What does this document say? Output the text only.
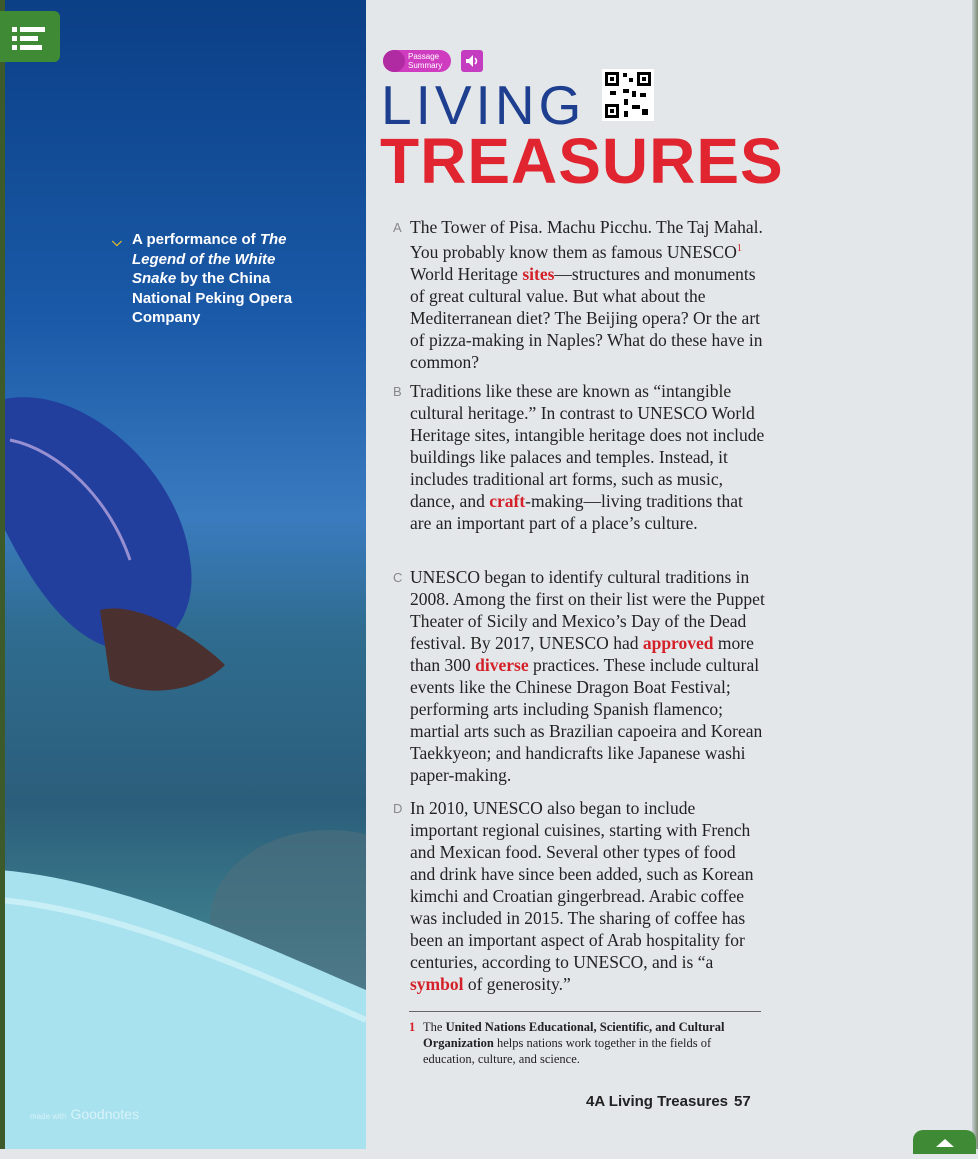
⌵ A performance of The Legend of the White Snake by the China National Peking Opera Company
made with Goodnotes
Passage
Summary
LIVING
TREASURES
A The Tower of Pisa. Machu Picchu. The Taj Mahal. You probably know them as famous UNESCO$^1$ World Heritage sites—structures and monuments of great cultural value. But what about the Mediterranean diet? The Beijing opera? Or the art of pizza-making in Naples? What do these have in common?
B Traditions like these are known as “intangible cultural heritage.” In contrast to UNESCO World Heritage sites, intangible heritage does not include buildings like palaces and temples. Instead, it includes traditional art forms, such as music, dance, and craft-making—living traditions that are an important part of a place’s culture.
C UNESCO began to identify cultural traditions in 2008. Among the first on their list were the Puppet Theater of Sicily and Mexico’s Day of the Dead festival. By 2017, UNESCO had approved more than 300 diverse practices. These include cultural events like the Chinese Dragon Boat Festival; performing arts including Spanish flamenco; martial arts such as Brazilian capoeira and Korean Taekkyeon; and handicrafts like Japanese washi paper-making.
D In 2010, UNESCO also began to include important regional cuisines, starting with French and Mexican food. Several other types of food and drink have since been added, such as Korean kimchi and Croatian gingerbread. Arabic coffee was included in 2015. The sharing of coffee has been an important aspect of Arab hospitality for centuries, according to UNESCO, and is “a symbol of generosity.”
1 The United Nations Educational, Scientific, and Cultural Organization helps nations work together in the fields of education, culture, and science.
4A Living Treasures 57
